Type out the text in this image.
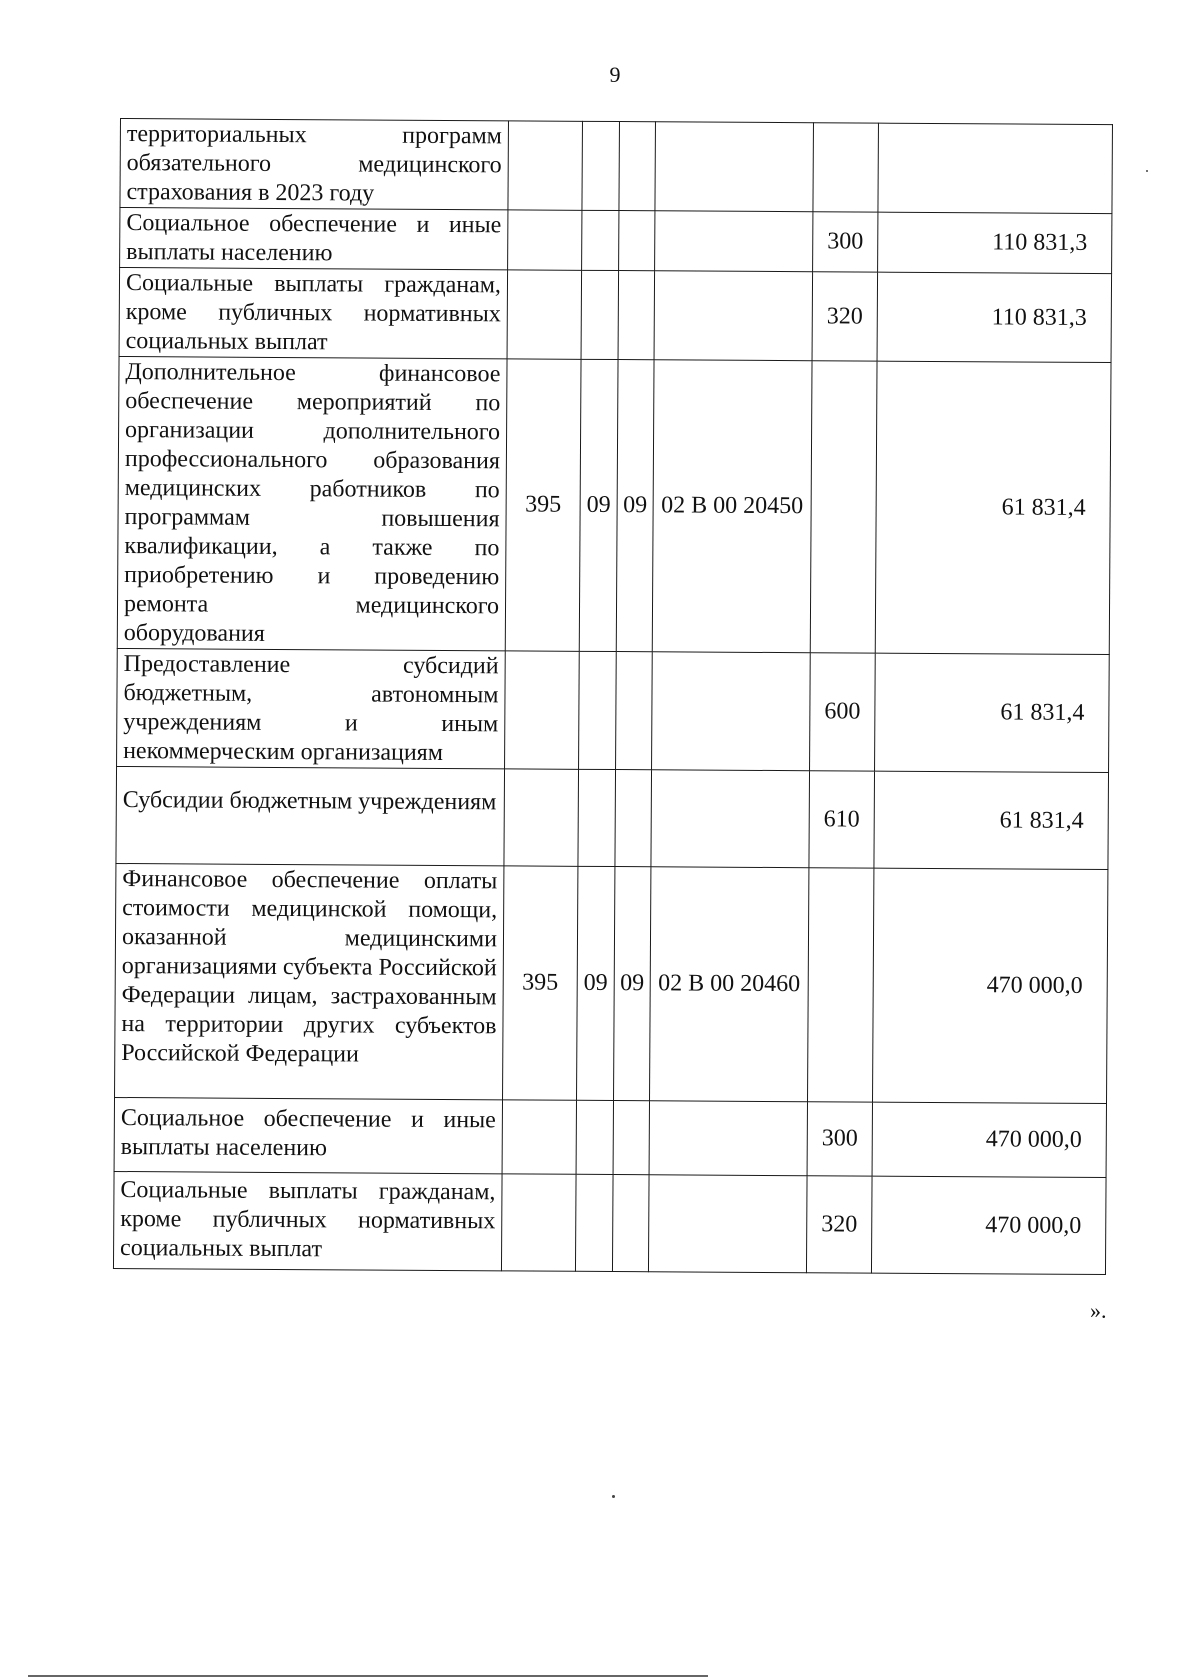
9
территориальных программ обязательного медицинского страхования в 2023 году						
Социальное обеспечение и иные выплаты населению					300	110 831,3
Социальные выплаты гражданам, кроме публичных нормативных социальных выплат					320	110 831,3
Дополнительное финансовое обеспечение мероприятий по организации дополнительного профессионального образования медицинских работников по программам повышения квалификации, а также по приобретению и проведению ремонта медицинского оборудования	395	09	09	02 В 00 20450		61 831,4
Предоставление субсидий бюджетным, автономным учреждениям и иным некоммерческим организациям					600	61 831,4
Субсидии бюджетным учреждениям					610	61 831,4
Финансовое обеспечение оплаты стоимости медицинской помощи, оказанной медицинскими организациями субъекта Российской Федерации лицам, застрахованным на территории других субъектов Российской Федерации	395	09	09	02 В 00 20460		470 000,0
Социальное обеспечение и иные выплаты населению					300	470 000,0
Социальные выплаты гражданам, кроме публичных нормативных социальных выплат					320	470 000,0
».
